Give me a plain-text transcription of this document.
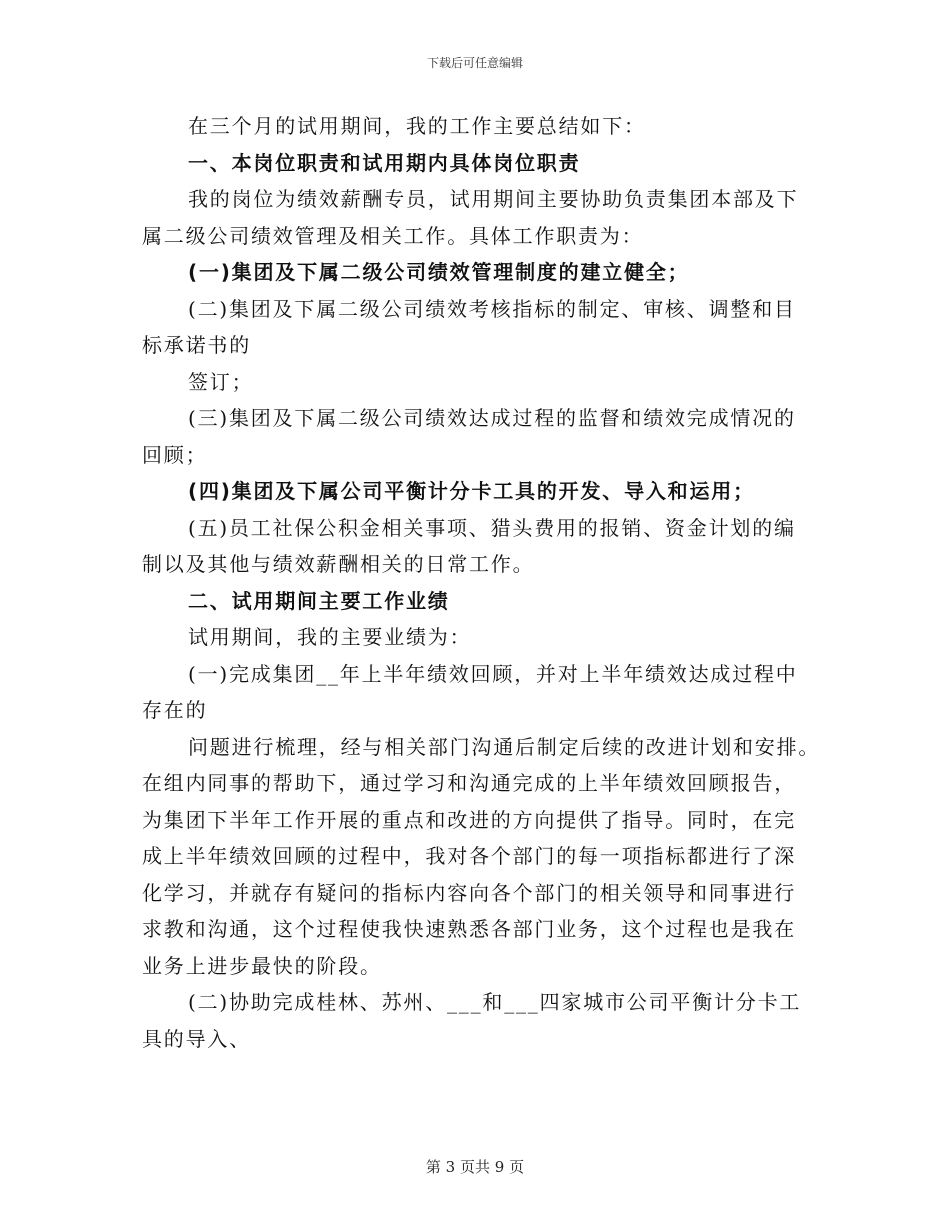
下载后可任意编辑

在三个月的试用期间，我的工作主要总结如下：

一、本岗位职责和试用期内具体岗位职责

我的岗位为绩效薪酬专员，试用期间主要协助负责集团本部及下

属二级公司绩效管理及相关工作。具体工作职责为：

(一)集团及下属二级公司绩效管理制度的建立健全；

(二)集团及下属二级公司绩效考核指标的制定、审核、调整和目

标承诺书的

签订；

(三)集团及下属二级公司绩效达成过程的监督和绩效完成情况的

回顾；

(四)集团及下属公司平衡计分卡工具的开发、导入和运用；

(五)员工社保公积金相关事项、猎头费用的报销、资金计划的编

制以及其他与绩效薪酬相关的日常工作。

二、试用期间主要工作业绩

试用期间，我的主要业绩为：

(一)完成集团__年上半年绩效回顾，并对上半年绩效达成过程中

存在的

问题进行梳理，经与相关部门沟通后制定后续的改进计划和安排。

在组内同事的帮助下，通过学习和沟通完成的上半年绩效回顾报告，

为集团下半年工作开展的重点和改进的方向提供了指导。同时，在完

成上半年绩效回顾的过程中，我对各个部门的每一项指标都进行了深

化学习，并就存有疑问的指标内容向各个部门的相关领导和同事进行

求教和沟通，这个过程使我快速熟悉各部门业务，这个过程也是我在

业务上进步最快的阶段。

(二)协助完成桂林、苏州、___和___四家城市公司平衡计分卡工

具的导入、

第 3 页共 9 页
